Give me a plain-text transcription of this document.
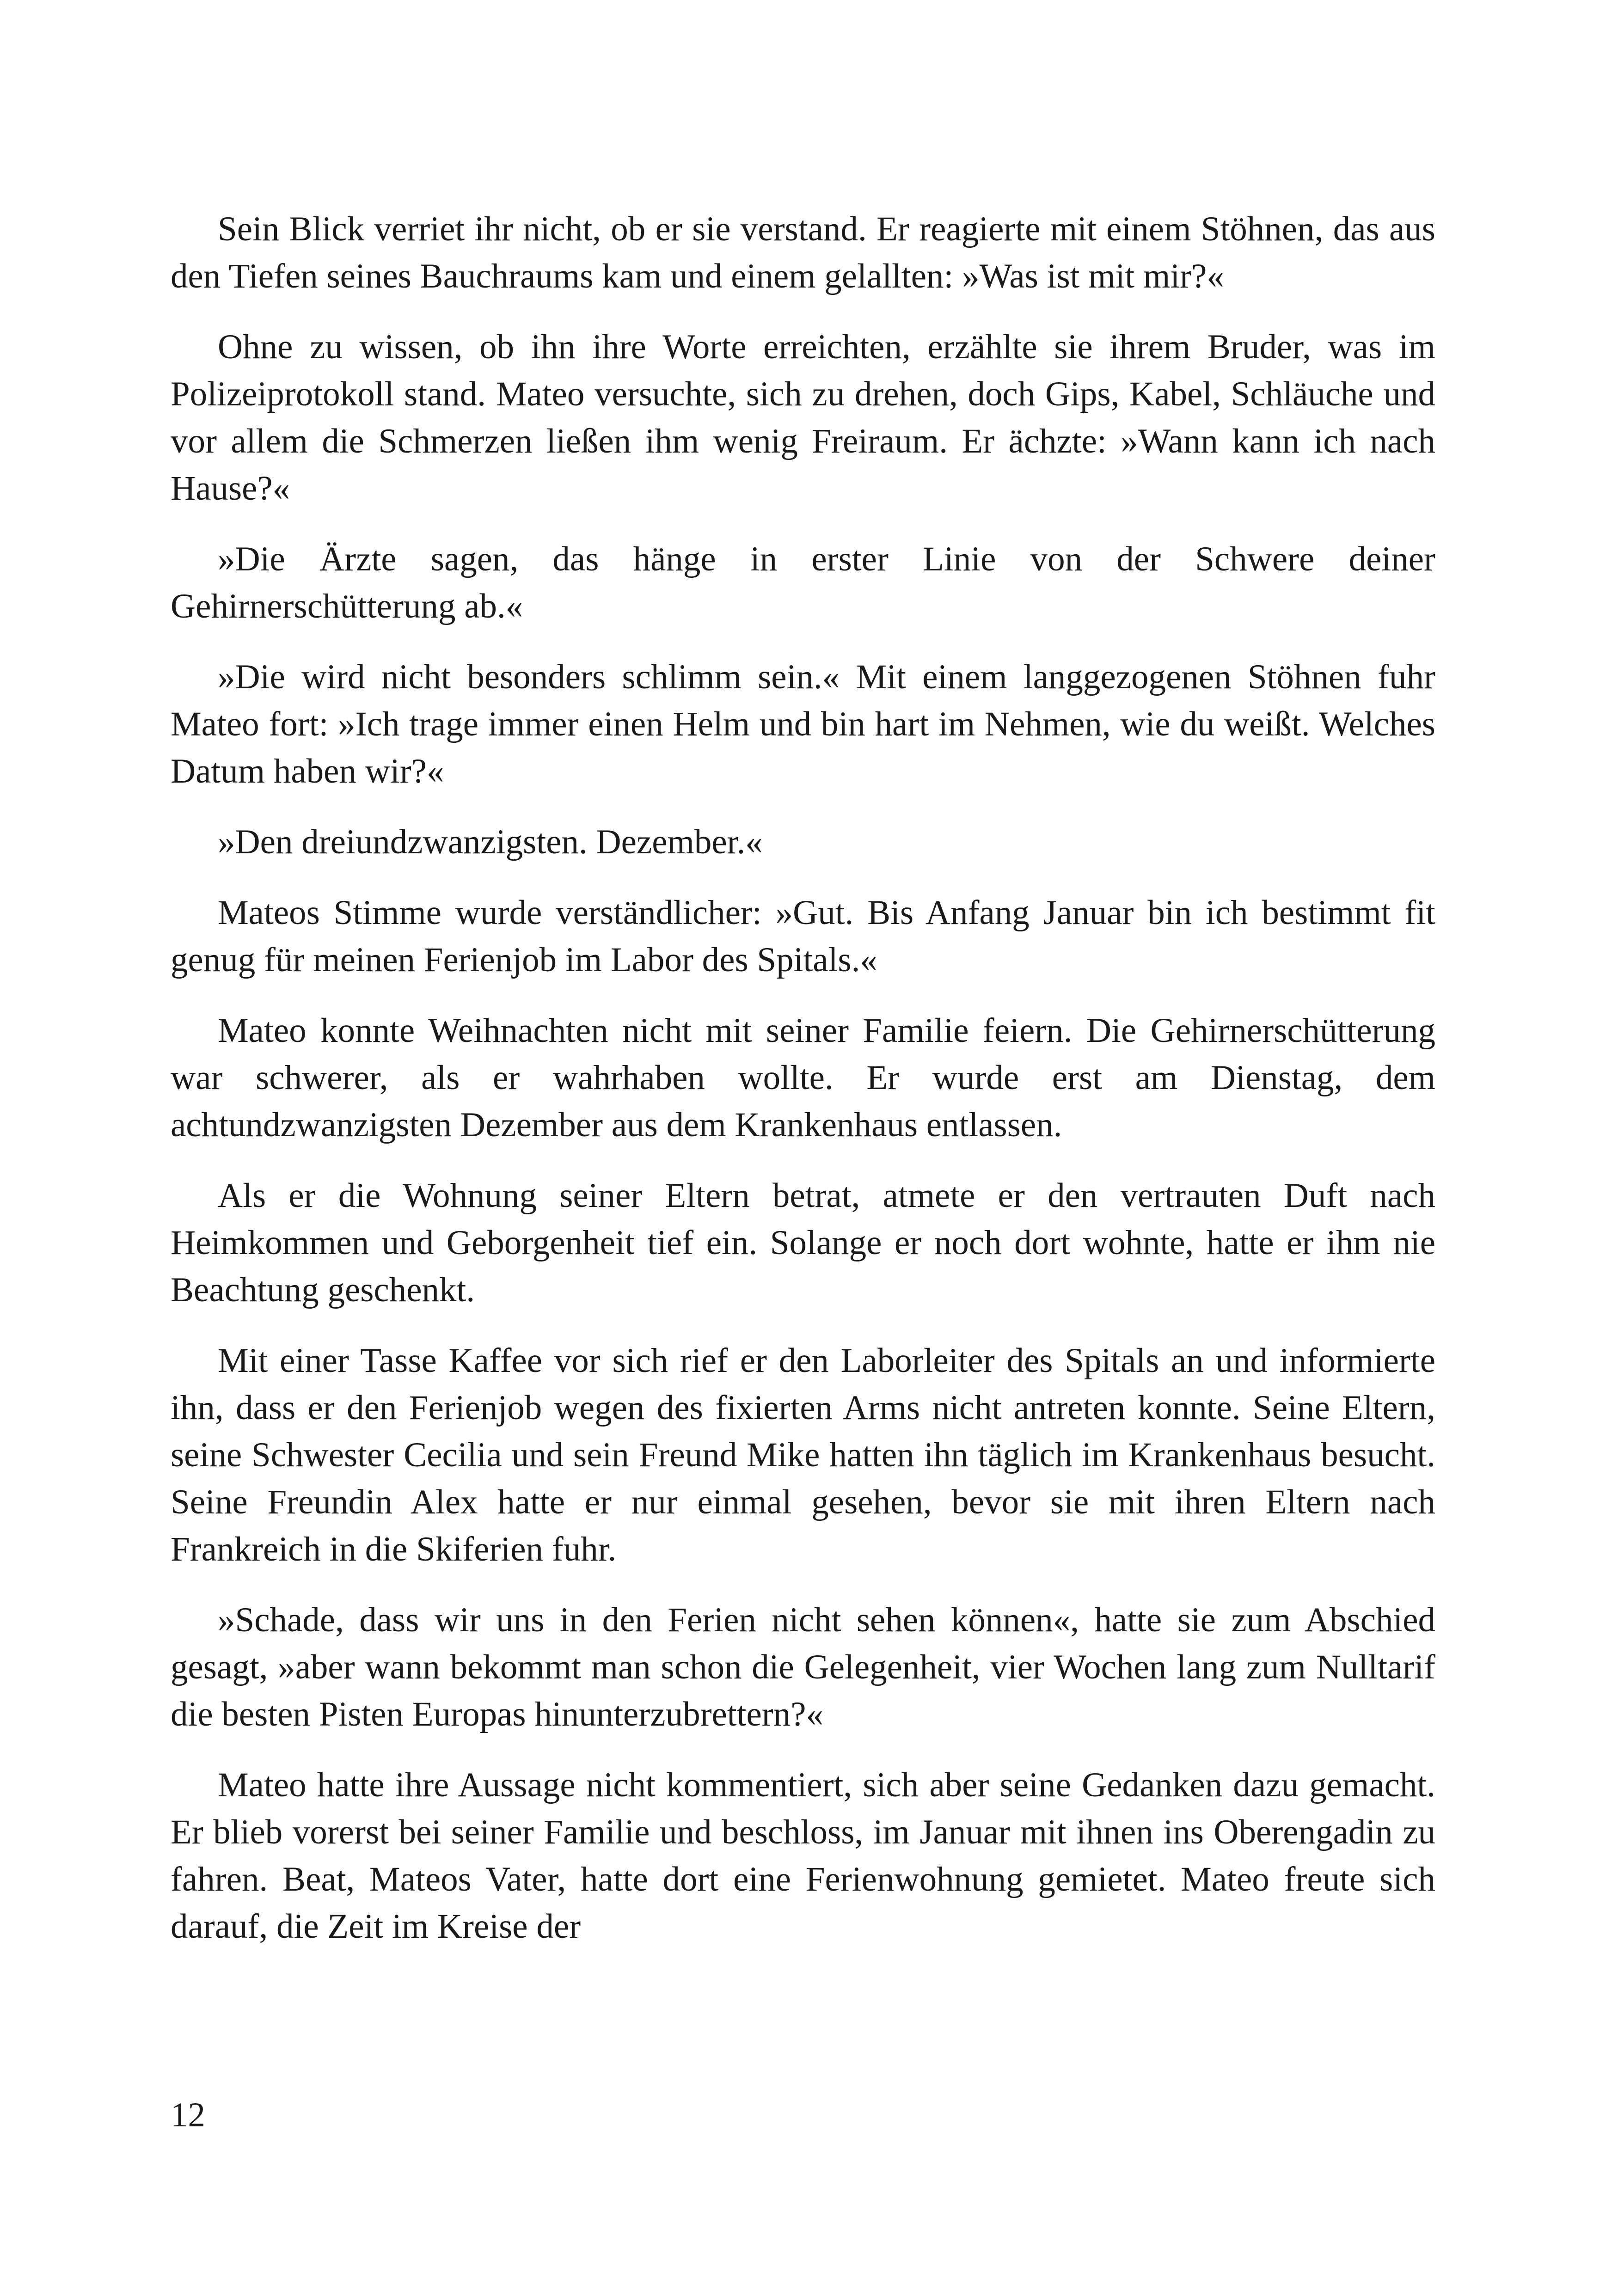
Sein Blick verriet ihr nicht, ob er sie verstand. Er reagierte mit einem Stöhnen, das aus den Tiefen seines Bauchraums kam und einem gelallten: »Was ist mit mir?«

Ohne zu wissen, ob ihn ihre Worte erreichten, erzählte sie ihrem Bruder, was im Polizeiprotokoll stand. Mateo versuchte, sich zu drehen, doch Gips, Kabel, Schläuche und vor allem die Schmerzen ließen ihm wenig Freiraum. Er ächzte: »Wann kann ich nach Hause?«

»Die Ärzte sagen, das hänge in erster Linie von der Schwere deiner Gehirnerschütterung ab.«

»Die wird nicht besonders schlimm sein.« Mit einem langgezogenen Stöhnen fuhr Mateo fort: »Ich trage immer einen Helm und bin hart im Nehmen, wie du weißt. Welches Datum haben wir?«

»Den dreiundzwanzigsten. Dezember.«

Mateos Stimme wurde verständlicher: »Gut. Bis Anfang Januar bin ich bestimmt fit genug für meinen Ferienjob im Labor des Spitals.«

Mateo konnte Weihnachten nicht mit seiner Familie feiern. Die Gehirnerschütterung war schwerer, als er wahrhaben wollte. Er wurde erst am Dienstag, dem achtundzwanzigsten Dezember aus dem Krankenhaus entlassen.

Als er die Wohnung seiner Eltern betrat, atmete er den vertrauten Duft nach Heimkommen und Geborgenheit tief ein. Solange er noch dort wohnte, hatte er ihm nie Beachtung geschenkt.

Mit einer Tasse Kaffee vor sich rief er den Laborleiter des Spitals an und informierte ihn, dass er den Ferienjob wegen des fixierten Arms nicht antreten konnte. Seine Eltern, seine Schwester Cecilia und sein Freund Mike hatten ihn täglich im Krankenhaus besucht. Seine Freundin Alex hatte er nur einmal gesehen, bevor sie mit ihren Eltern nach Frankreich in die Skiferien fuhr.

»Schade, dass wir uns in den Ferien nicht sehen können«, hatte sie zum Abschied gesagt, »aber wann bekommt man schon die Gelegenheit, vier Wochen lang zum Nulltarif die besten Pisten Europas hinunterzubrettern?«

Mateo hatte ihre Aussage nicht kommentiert, sich aber seine Gedanken dazu gemacht. Er blieb vorerst bei seiner Familie und beschloss, im Januar mit ihnen ins Oberengadin zu fahren. Beat, Mateos Vater, hatte dort eine Ferienwohnung gemietet. Mateo freute sich darauf, die Zeit im Kreise der

12
